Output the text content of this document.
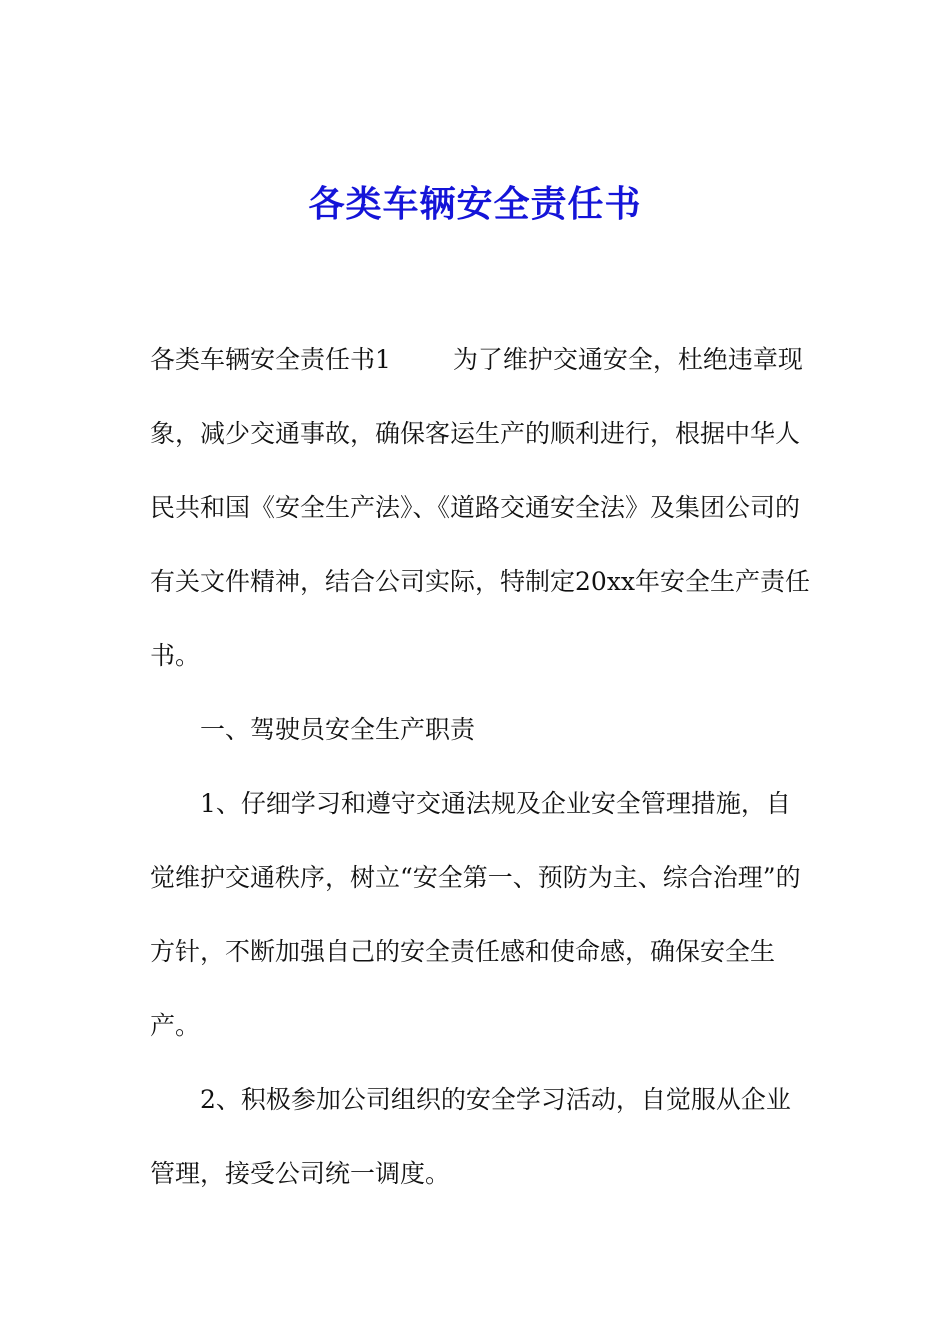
各类车辆安全责任书

各类车辆安全责任书1 为了维护交通安全，杜绝违章现象，减少交通事故，确保客运生产的顺利进行，根据中华人民共和国《安全生产法》、《道路交通安全法》及集团公司的有关文件精神，结合公司实际，特制定20xx年安全生产责任书。

一、驾驶员安全生产职责

1、仔细学习和遵守交通法规及企业安全管理措施，自觉维护交通秩序，树立“安全第一、预防为主、综合治理”的方针，不断加强自己的安全责任感和使命感，确保安全生产。

2、积极参加公司组织的安全学习活动，自觉服从企业管理，接受公司统一调度。
